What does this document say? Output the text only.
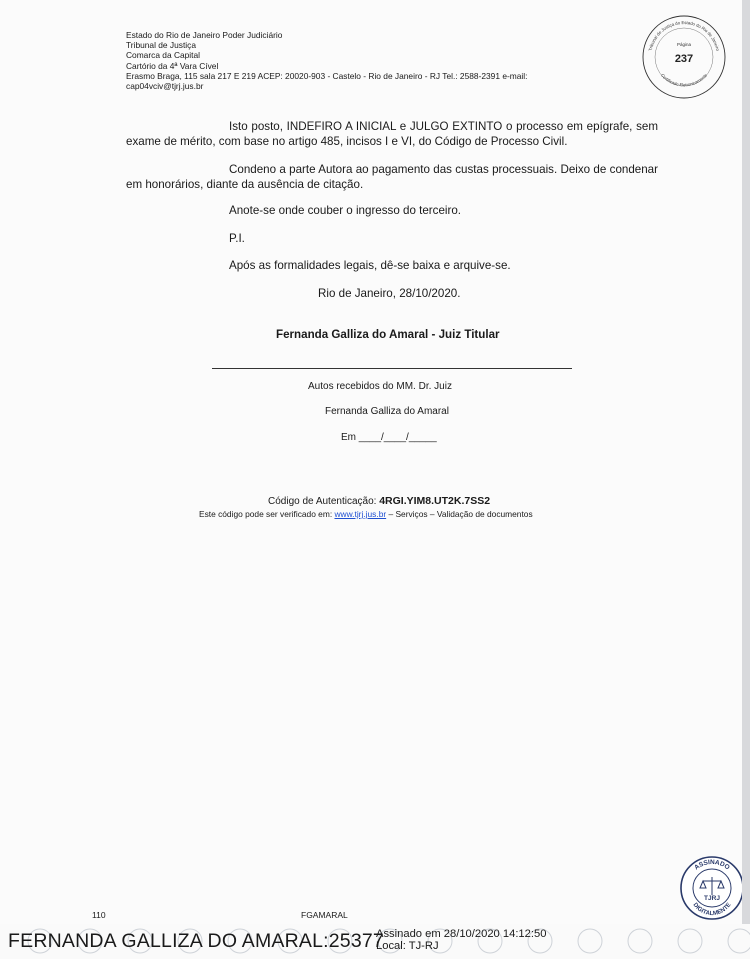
Estado do Rio de Janeiro Poder Judiciário
Tribunal de Justiça
Comarca da Capital
Cartório da 4ª Vara Cível
Erasmo Braga, 115 sala 217 E 219 ACEP: 20020-903 - Castelo - Rio de Janeiro - RJ Tel.: 2588-2391 e-mail:
cap04vciv@tjrj.jus.br
Tribunal de Justiça do Estado do Rio de Janeiro
Certificado Eletronicamente
Página
237
Isto posto, INDEFIRO A INICIAL e JULGO EXTINTO o processo em epígrafe, sem exame de mérito, com base no artigo 485, incisos I e VI, do Código de Processo Civil.
Condeno a parte Autora ao pagamento das custas processuais. Deixo de condenar em honorários, diante da ausência de citação.
Anote-se onde couber o ingresso do terceiro.
P.I.
Após as formalidades legais, dê-se baixa e arquive-se.
Rio de Janeiro, 28/10/2020.
Fernanda Galliza do Amaral - Juiz Titular
Autos recebidos do MM. Dr. Juiz
Fernanda Galliza do Amaral
Em ____/____/_____
Código de Autenticação: 4RGI.YIM8.UT2K.7SS2
Este código pode ser verificado em: www.tjrj.jus.br – Serviços – Validação de documentos
ASSINADO
DIGITALMENTE
TJRJ
110	FGAMARAL
FERNANDA GALLIZA DO AMARAL:25377
Assinado em 28/10/2020 14:12:50
Local: TJ-RJ
